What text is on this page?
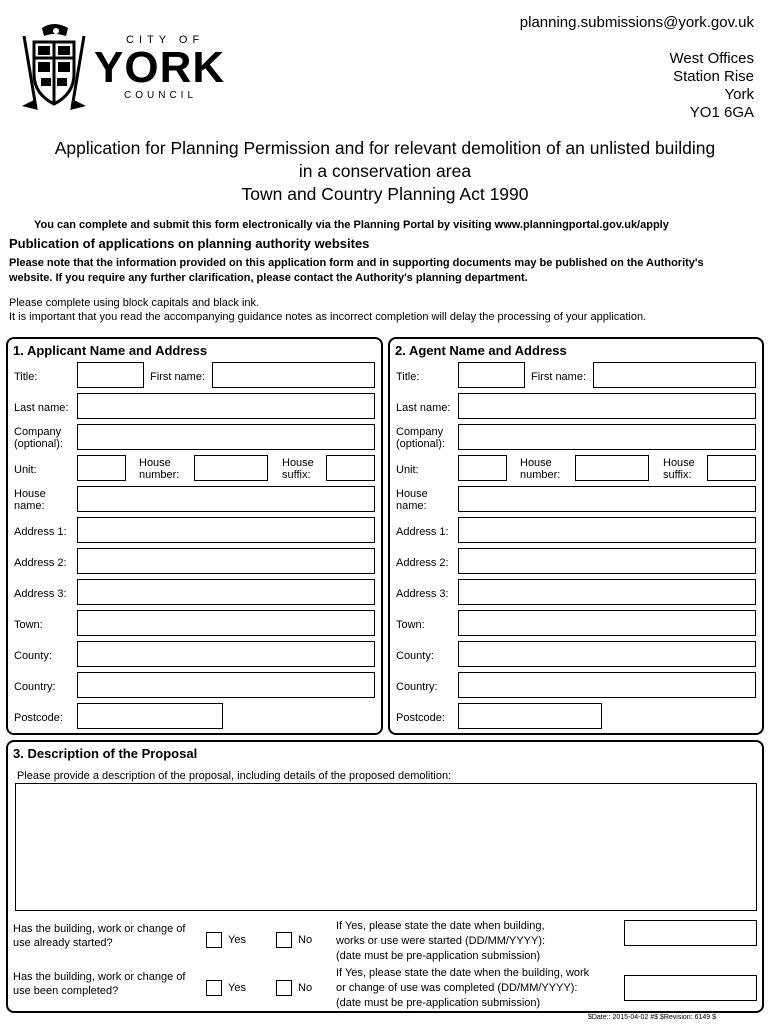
CITY OF
YORK
COUNCIL
planning.submissions@york.gov.uk
West Offices
Station Rise
York
YO1 6GA
Application for Planning Permission and for relevant demolition of an unlisted building
in a conservation area
Town and Country Planning Act 1990
You can complete and submit this form electronically via the Planning Portal by visiting www.planningportal.gov.uk/apply
Publication of applications on planning authority websites
Please note that the information provided on this application form and in supporting documents may be published on the Authority's website. If you require any further clarification, please contact the Authority's planning department.
Please complete using block capitals and black ink.
It is important that you read the accompanying guidance notes as incorrect completion will delay the processing of your application.
1. Applicant Name and Address
Title:	First name:
Last name:
Company (optional):
Unit:
House number:
House suffix:
House name:
Address 1:
Address 2:
Address 3:
Town:
County:
Country:
Postcode:
2. Agent Name and Address
Title:	First name:
Last name:
Company (optional):
Unit:
House number:
House suffix:
House name:
Address 1:
Address 2:
Address 3:
Town:
County:
Country:
Postcode:
3. Description of the Proposal
Please provide a description of the proposal, including details of the proposed demolition:
Has the building, work or change of use already started?	Yes	No
If Yes, please state the date when building,
works or use were started (DD/MM/YYYY):
(date must be pre-application submission)
Has the building, work or change of use been completed?	Yes	No
If Yes, please state the date when the building, work
or change of use was completed (DD/MM/YYYY):
(date must be pre-application submission)
$Date:: 2015-04-02 #$ $Revision: 6149 $
